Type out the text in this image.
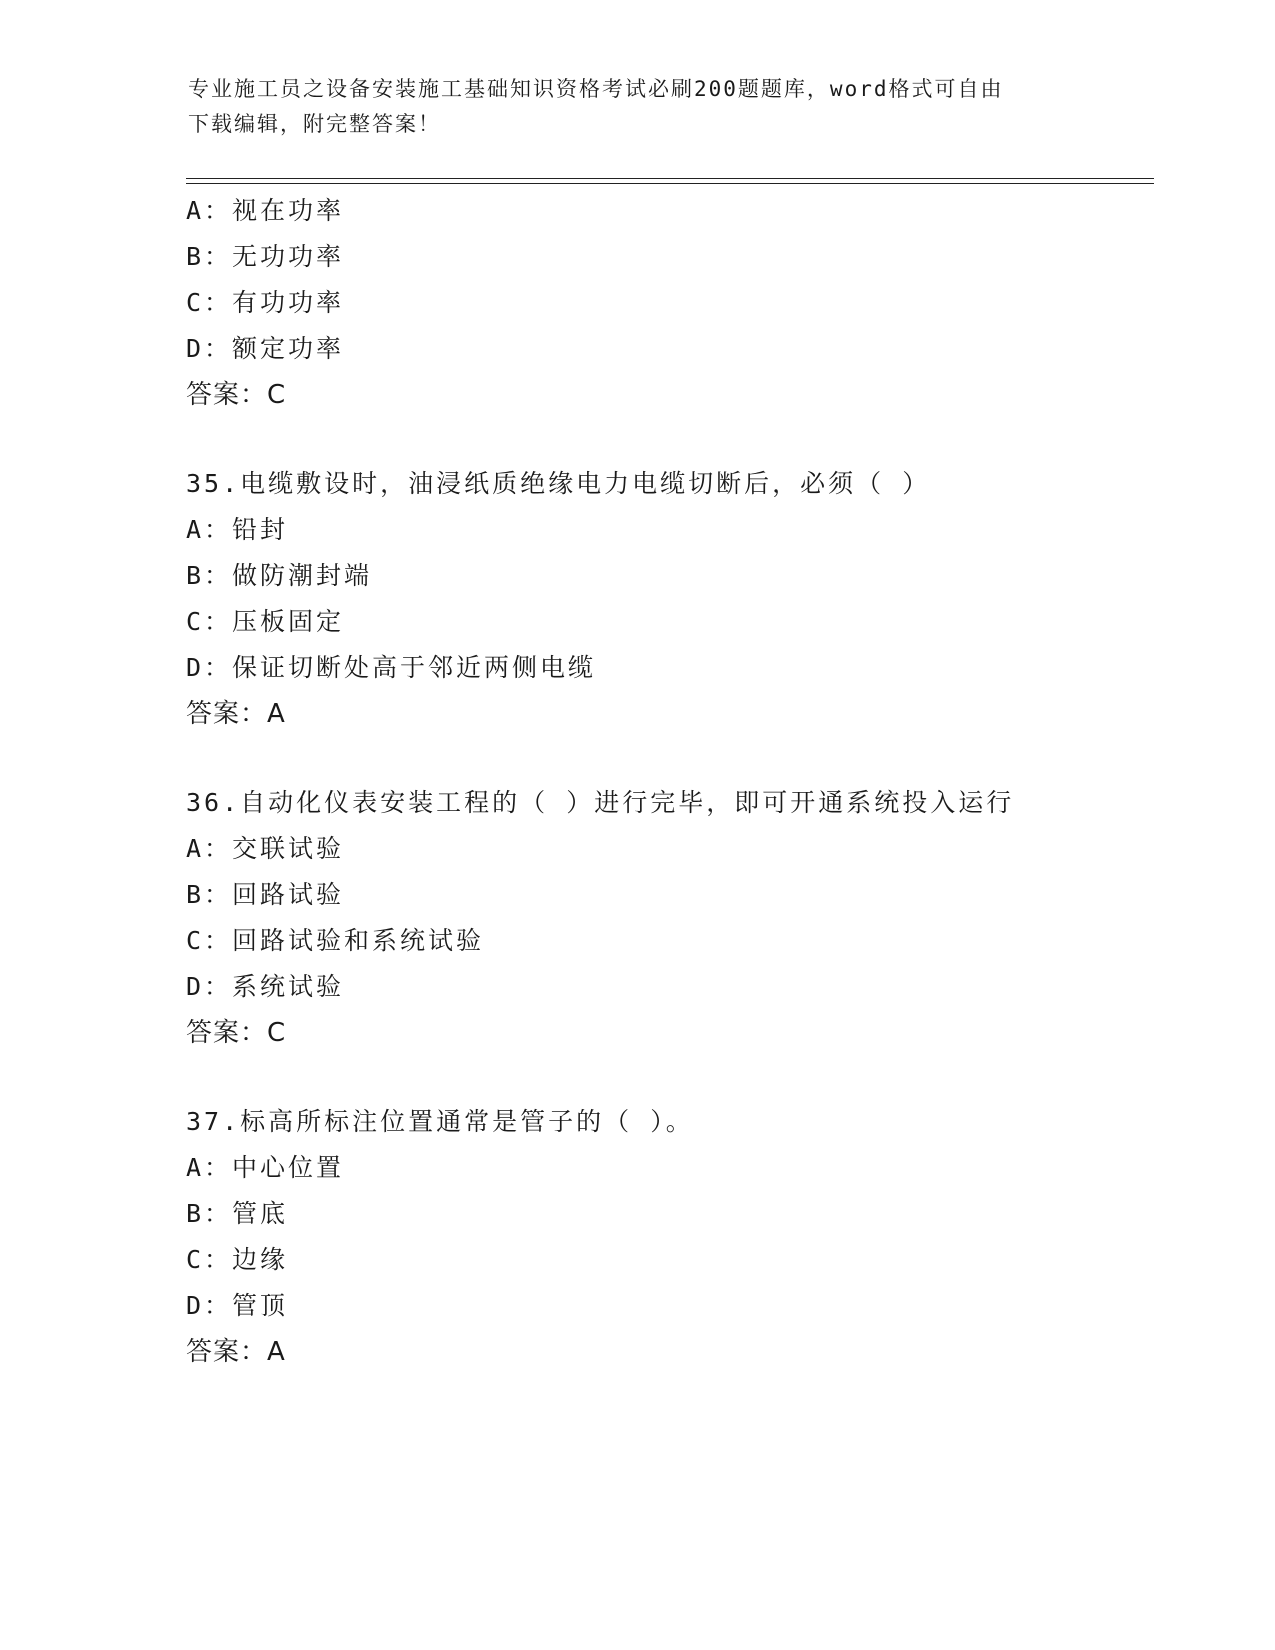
专业施工员之设备安装施工基础知识资格考试必刷200题题库，word格式可自由
下载编辑，附完整答案！
A：视在功率
B：无功功率
C：有功功率
D：额定功率
答案：C
35.电缆敷设时，油浸纸质绝缘电力电缆切断后，必须（ ）
A：铅封
B：做防潮封端
C：压板固定
D：保证切断处高于邻近两侧电缆
答案：A
36.自动化仪表安装工程的（ ）进行完毕，即可开通系统投入运行
A：交联试验
B：回路试验
C：回路试验和系统试验
D：系统试验
答案：C
37.标高所标注位置通常是管子的（ ）。
A：中心位置
B：管底
C：边缘
D：管顶
答案：A
